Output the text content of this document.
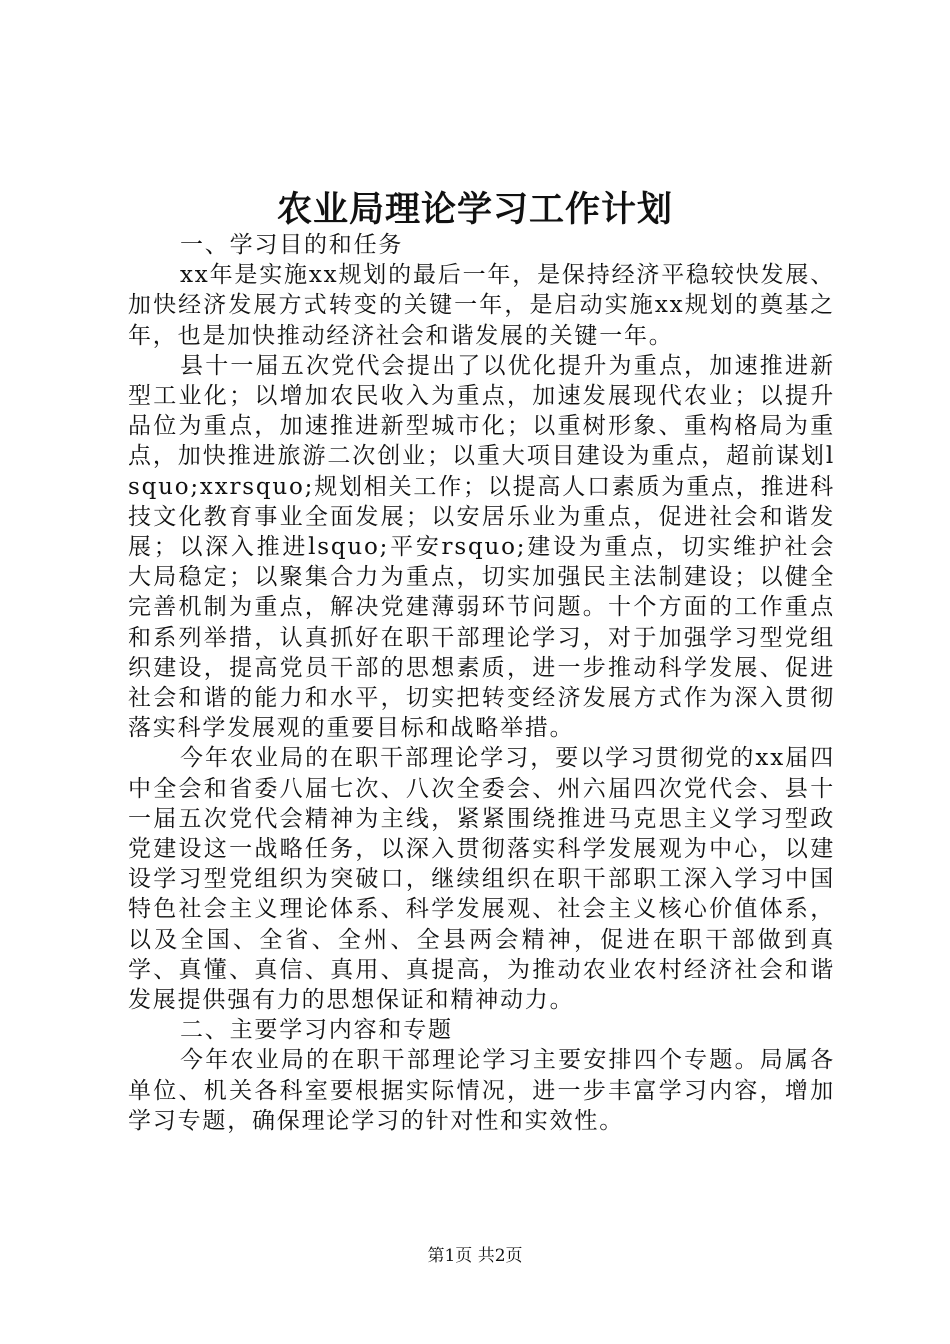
农业局理论学习工作计划

一、学习目的和任务

xx年是实施xx规划的最后一年，是保持经济平稳较快发展、加快经济发展方式转变的关键一年，是启动实施xx规划的奠基之年，也是加快推动经济社会和谐发展的关键一年。

县十一届五次党代会提出了以优化提升为重点，加速推进新型工业化；以增加农民收入为重点，加速发展现代农业；以提升品位为重点，加速推进新型城市化；以重树形象、重构格局为重点，加快推进旅游二次创业；以重大项目建设为重点，超前谋划lsquo;xxrsquo;规划相关工作；以提高人口素质为重点，推进科技文化教育事业全面发展；以安居乐业为重点，促进社会和谐发展；以深入推进lsquo;平安rsquo;建设为重点，切实维护社会大局稳定；以聚集合力为重点，切实加强民主法制建设；以健全完善机制为重点，解决党建薄弱环节问题。十个方面的工作重点和系列举措，认真抓好在职干部理论学习，对于加强学习型党组织建设，提高党员干部的思想素质，进一步推动科学发展、促进社会和谐的能力和水平，切实把转变经济发展方式作为深入贯彻落实科学发展观的重要目标和战略举措。

今年农业局的在职干部理论学习，要以学习贯彻党的xx届四中全会和省委八届七次、八次全委会、州六届四次党代会、县十一届五次党代会精神为主线，紧紧围绕推进马克思主义学习型政党建设这一战略任务，以深入贯彻落实科学发展观为中心，以建设学习型党组织为突破口，继续组织在职干部职工深入学习中国特色社会主义理论体系、科学发展观、社会主义核心价值体系，以及全国、全省、全州、全县两会精神，促进在职干部做到真学、真懂、真信、真用、真提高，为推动农业农村经济社会和谐发展提供强有力的思想保证和精神动力。

二、主要学习内容和专题

今年农业局的在职干部理论学习主要安排四个专题。局属各单位、机关各科室要根据实际情况，进一步丰富学习内容，增加学习专题，确保理论学习的针对性和实效性。

第1页 共2页
